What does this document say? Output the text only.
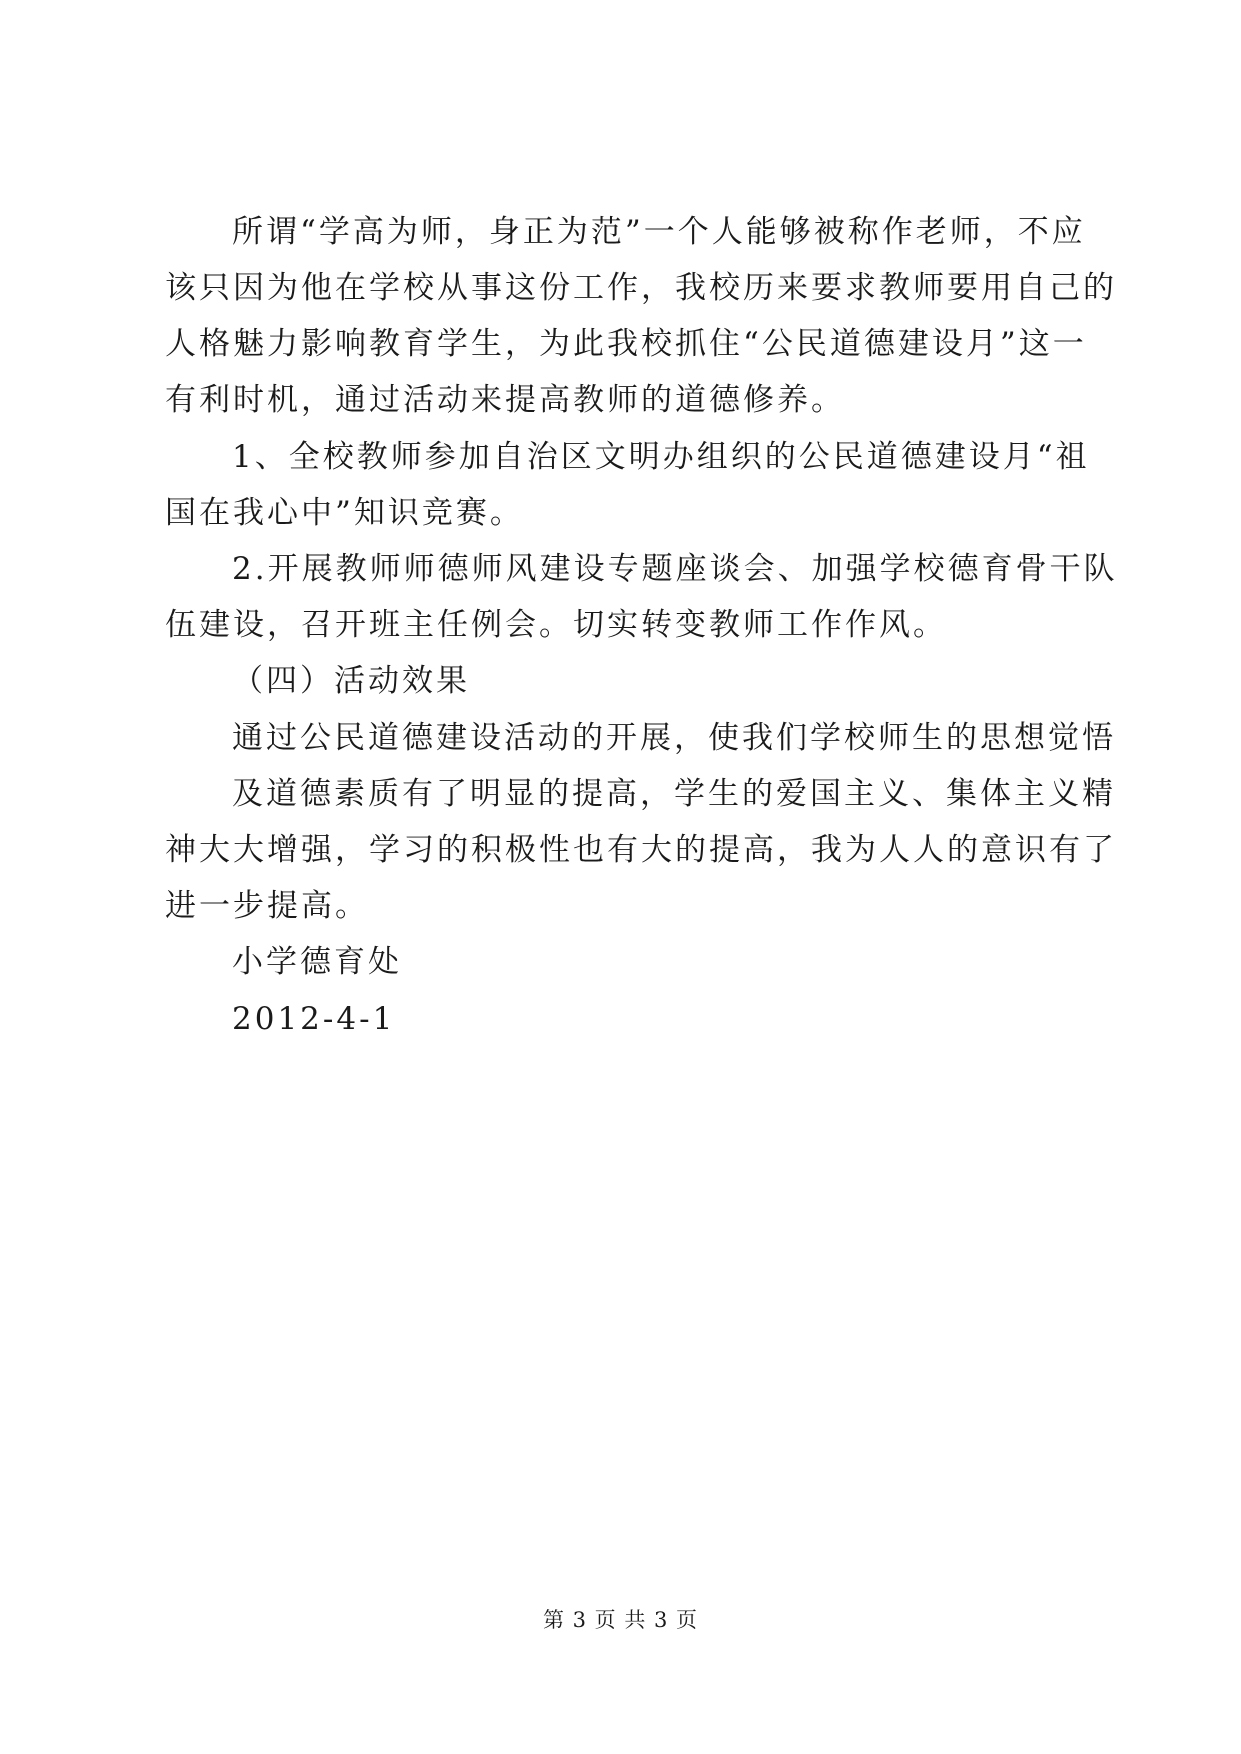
所谓“学高为师，身正为范”一个人能够被称作老师，不应
该只因为他在学校从事这份工作，我校历来要求教师要用自己的
人格魅力影响教育学生，为此我校抓住“公民道德建设月”这一
有利时机，通过活动来提高教师的道德修养。
1、全校教师参加自治区文明办组织的公民道德建设月“祖
国在我心中”知识竞赛。
2.开展教师师德师风建设专题座谈会、加强学校德育骨干队
伍建设，召开班主任例会。切实转变教师工作作风。
（四）活动效果
通过公民道德建设活动的开展，使我们学校师生的思想觉悟
及道德素质有了明显的提高，学生的爱国主义、集体主义精
神大大增强，学习的积极性也有大的提高，我为人人的意识有了
进一步提高。
小学德育处
2012-4-1
第 3 页 共 3 页
